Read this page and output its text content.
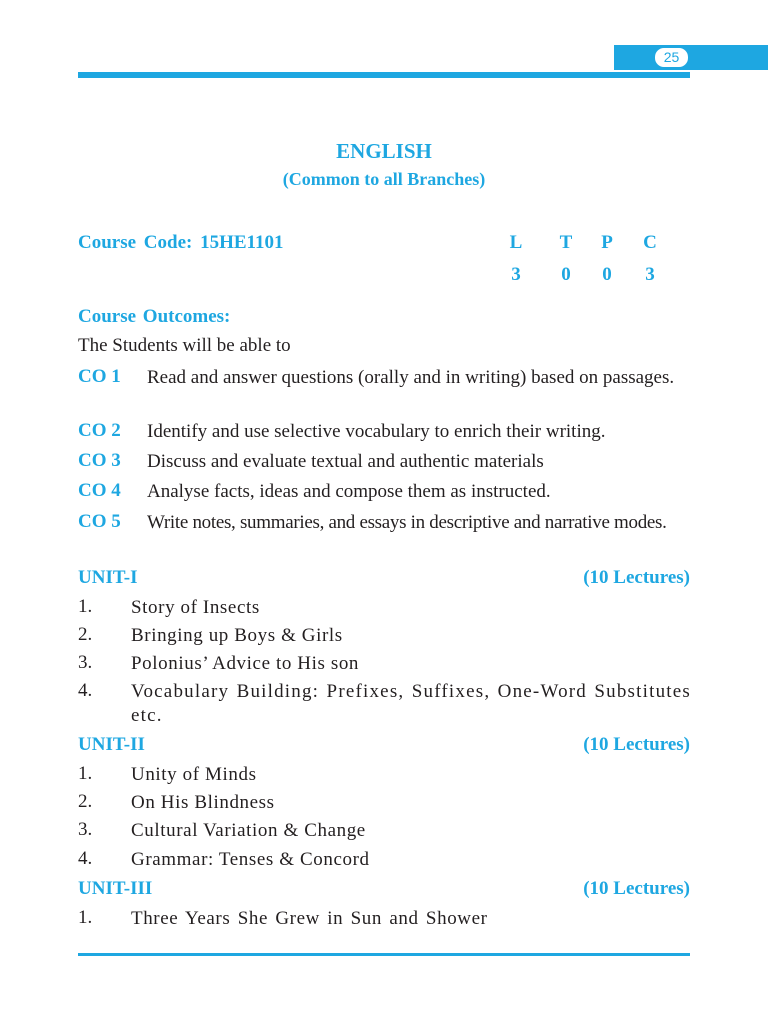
25
ENGLISH
(Common to all Branches)
Course Code: 15HE1101	L T P C
3 0 0 3
Course Outcomes:
The Students will be able to
CO 1 Read and answer questions (orally and in writing) based on passages.
CO 2 Identify and use selective vocabulary to enrich their writing.
CO 3 Discuss and evaluate textual and authentic materials
CO 4 Analyse facts, ideas and compose them as instructed.
CO 5 Write notes, summaries, and essays in descriptive and narrative modes.
UNIT-I	(10 Lectures)
1. Story of Insects
2. Bringing up Boys & Girls
3. Polonius’ Advice to His son
4. Vocabulary Building: Prefixes, Suffixes, One-Word Substitutes etc.
UNIT-II	(10 Lectures)
1. Unity of Minds
2. On His Blindness
3. Cultural Variation & Change
4. Grammar: Tenses & Concord
UNIT-III	(10 Lectures)
1. Three Years She Grew in Sun and Shower
